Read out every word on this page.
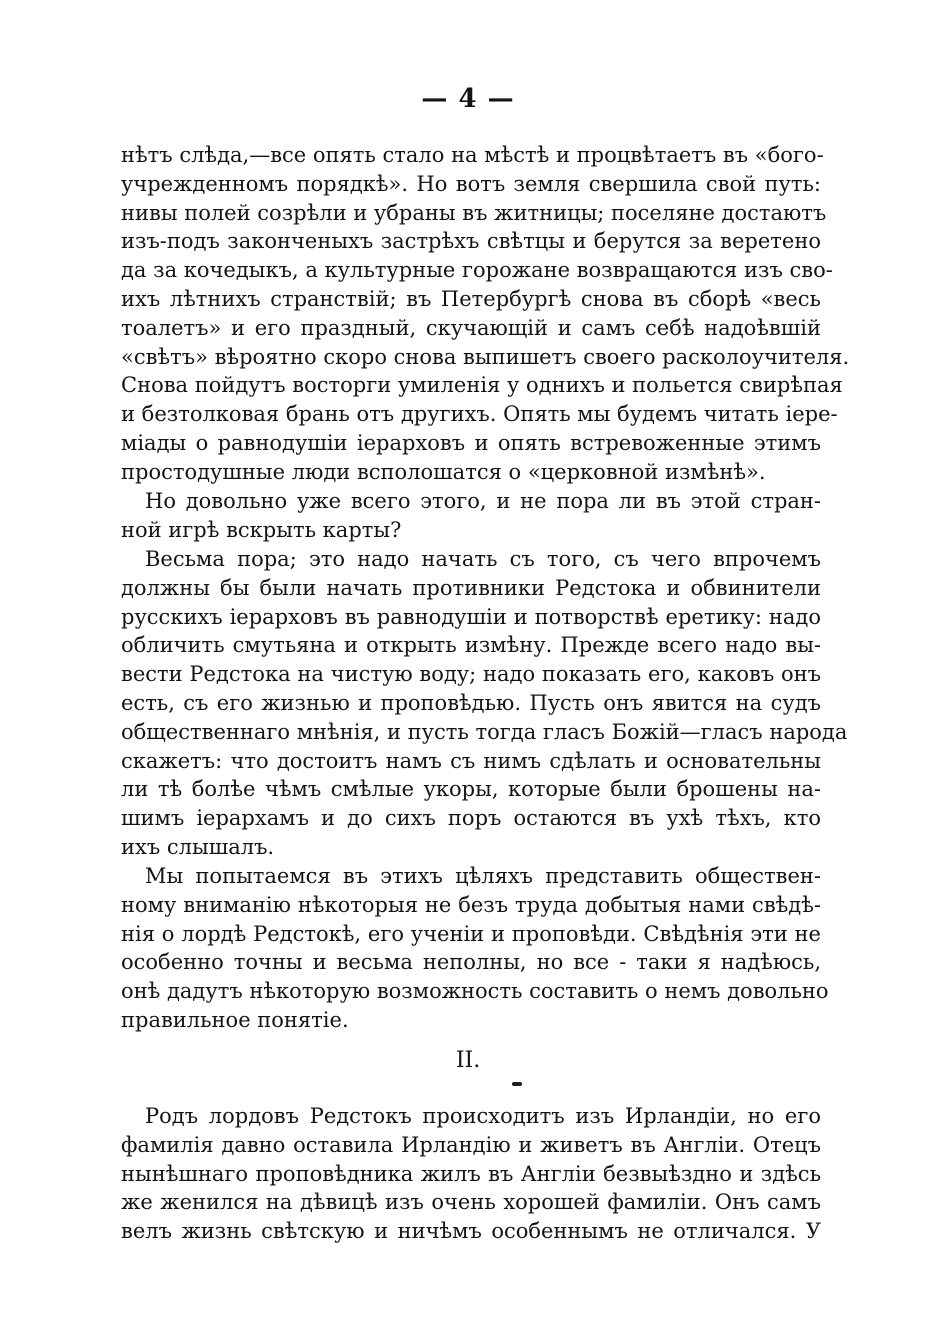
— 4 —
нѣтъ слѣда,—все опять стало на мѣстѣ и процвѣтаетъ въ «бого-
учрежденномъ порядкѣ». Но вотъ земля свершила свой путь:
нивы полей созрѣли и убраны въ житницы; поселяне достаютъ
изъ-подъ законченыхъ застрѣхъ свѣтцы и берутся за веретено
да за кочедыкъ, а культурные горожане возвращаются изъ сво-
ихъ лѣтнихъ странствій; въ Петербургѣ снова въ сборѣ «весь
тоалетъ» и его праздный, скучающій и самъ себѣ надоѣвшій
«свѣтъ» вѣроятно скоро снова выпишетъ своего расколоучителя.
Снова пойдутъ восторги умиленія у однихъ и польется свирѣпая
и безтолковая брань отъ другихъ. Опять мы будемъ читать іере-
міады о равнодушіи іерарховъ и опять встревоженные этимъ
простодушные люди всполошатся о «церковной измѣнѣ».
Но довольно уже всего этого, и не пора ли въ этой стран-
ной игрѣ вскрыть карты?
Весьма пора; это надо начать съ того, съ чего впрочемъ
должны бы были начать противники Редстока и обвинители
русскихъ іерарховъ въ равнодушіи и потворствѣ еретику: надо
обличить смутьяна и открыть измѣну. Прежде всего надо вы-
вести Редстока на чистую воду; надо показать его, каковъ онъ
есть, съ его жизнью и проповѣдью. Пусть онъ явится на судъ
общественнаго мнѣнія, и пусть тогда гласъ Божій—гласъ народа
скажетъ: что достоитъ намъ съ нимъ сдѣлать и основательны
ли тѣ болѣе чѣмъ смѣлые укоры, которые были брошены на-
шимъ іерархамъ и до сихъ поръ остаются въ ухѣ тѣхъ, кто
ихъ слышалъ.
Мы попытаемся въ этихъ цѣляхъ представить обществен-
ному вниманію нѣкоторыя не безъ труда добытыя нами свѣдѣ-
нія о лордѣ Редстокѣ, его ученіи и проповѣди. Свѣдѣнія эти не
особенно точны и весьма неполны, но все - таки я надѣюсь,
онѣ дадутъ нѣкоторую возможность составить о немъ довольно
правильное понятіе.
II.
Родъ лордовъ Редстокъ происходитъ изъ Ирландіи, но его
фамилія давно оставила Ирландію и живетъ въ Англіи. Отецъ
нынѣшнаго проповѣдника жилъ въ Англіи безвыѣздно и здѣсь
же женился на дѣвицѣ изъ очень хорошей фамиліи. Онъ самъ
велъ жизнь свѣтскую и ничѣмъ особеннымъ не отличался. У
